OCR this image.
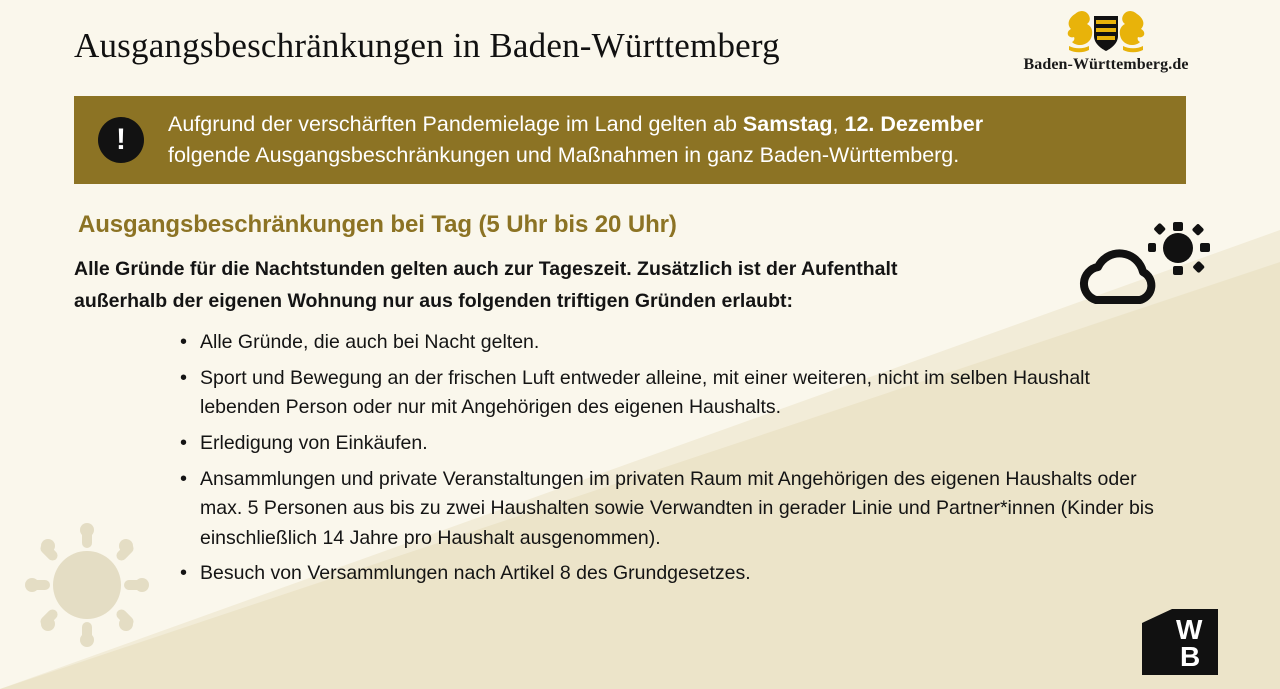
Ausgangsbeschränkungen in Baden-Württemberg	Baden-Württemberg.de
! Aufgrund der verschärften Pandemielage im Land gelten ab Samstag, 12. Dezember
folgende Ausgangsbeschränkungen und Maßnahmen in ganz Baden-Württemberg.
Ausgangsbeschränkungen bei Tag (5 Uhr bis 20 Uhr)
Alle Gründe für die Nachtstunden gelten auch zur Tageszeit. Zusätzlich ist der Aufenthalt
außerhalb der eigenen Wohnung nur aus folgenden triftigen Gründen erlaubt:
• Alle Gründe, die auch bei Nacht gelten.
• Sport und Bewegung an der frischen Luft entweder alleine, mit einer weiteren, nicht im selben Haushalt lebenden Person oder nur mit Angehörigen des eigenen Haushalts.
• Erledigung von Einkäufen.
• Ansammlungen und private Veranstaltungen im privaten Raum mit Angehörigen des eigenen Haushalts oder max. 5 Personen aus bis zu zwei Haushalten sowie Verwandten in gerader Linie und Partner*innen (Kinder bis einschließlich 14 Jahre pro Haushalt ausgenommen).
• Besuch von Versammlungen nach Artikel 8 des Grundgesetzes.
W
B
